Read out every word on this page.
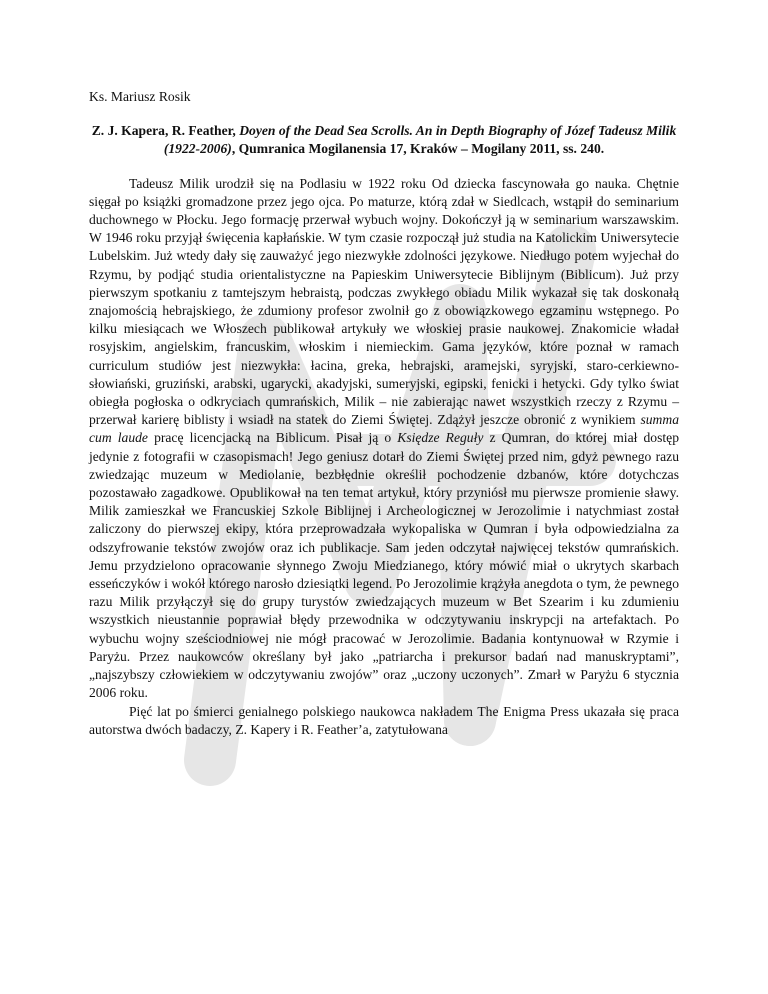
Ks. Mariusz Rosik

Z. J. Kapera, R. Feather, Doyen of the Dead Sea Scrolls. An in Depth Biography of Józef Tadeusz Milik (1922-2006), Qumranica Mogilanensia 17, Kraków – Mogilany 2011, ss. 240.

Tadeusz Milik urodził się na Podlasiu w 1922 roku Od dziecka fascynowała go nauka. Chętnie sięgał po książki gromadzone przez jego ojca. Po maturze, którą zdał w Siedlcach, wstąpił do seminarium duchownego w Płocku. Jego formację przerwał wybuch wojny. Dokończył ją w seminarium warszawskim. W 1946 roku przyjął święcenia kapłańskie. W tym czasie rozpoczął już studia na Katolickim Uniwersytecie Lubelskim. Już wtedy dały się zauważyć jego niezwykłe zdolności językowe. Niedługo potem wyjechał do Rzymu, by podjąć studia orientalistyczne na Papieskim Uniwersytecie Biblijnym (Biblicum). Już przy pierwszym spotkaniu z tamtejszym hebraistą, podczas zwykłego obiadu Milik wykazał się tak doskonałą znajomością hebrajskiego, że zdumiony profesor zwolnił go z obowiązkowego egzaminu wstępnego. Po kilku miesiącach we Włoszech publikował artykuły we włoskiej prasie naukowej. Znakomicie władał rosyjskim, angielskim, francuskim, włoskim i niemieckim. Gama języków, które poznał w ramach curriculum studiów jest niezwykła: łacina, greka, hebrajski, aramejski, syryjski, staro-cerkiewno-słowiański, gruziński, arabski, ugarycki, akadyjski, sumeryjski, egipski, fenicki i hetycki. Gdy tylko świat obiegła pogłoska o odkryciach qumrańskich, Milik – nie zabierając nawet wszystkich rzeczy z Rzymu – przerwał karierę biblisty i wsiadł na statek do Ziemi Świętej. Zdążył jeszcze obronić z wynikiem summa cum laude pracę licencjacką na Biblicum. Pisał ją o Księdze Reguły z Qumran, do której miał dostęp jedynie z fotografii w czasopismach! Jego geniusz dotarł do Ziemi Świętej przed nim, gdyż pewnego razu zwiedzając muzeum w Mediolanie, bezbłędnie określił pochodzenie dzbanów, które dotychczas pozostawało zagadkowe. Opublikował na ten temat artykuł, który przyniósł mu pierwsze promienie sławy. Milik zamieszkał we Francuskiej Szkole Biblijnej i Archeologicznej w Jerozolimie i natychmiast został zaliczony do pierwszej ekipy, która przeprowadzała wykopaliska w Qumran i była odpowiedzialna za odszyfrowanie tekstów zwojów oraz ich publikacje. Sam jeden odczytał najwięcej tekstów qumrańskich. Jemu przydzielono opracowanie słynnego Zwoju Miedzianego, który mówić miał o ukrytych skarbach esseńczyków i wokół którego narosło dziesiątki legend. Po Jerozolimie krążyła anegdota o tym, że pewnego razu Milik przyłączył się do grupy turystów zwiedzających muzeum w Bet Szearim i ku zdumieniu wszystkich nieustannie poprawiał błędy przewodnika w odczytywaniu inskrypcji na artefaktach. Po wybuchu wojny sześciodniowej nie mógł pracować w Jerozolimie. Badania kontynuował w Rzymie i Paryżu. Przez naukowców określany był jako „patriarcha i prekursor badań nad manuskryptami”, „najszybszy człowiekiem w odczytywaniu zwojów” oraz „uczony uczonych”. Zmarł w Paryżu 6 stycznia 2006 roku.

Pięć lat po śmierci genialnego polskiego naukowca nakładem The Enigma Press ukazała się praca autorstwa dwóch badaczy, Z. Kapery i R. Feather’a, zatytułowana
